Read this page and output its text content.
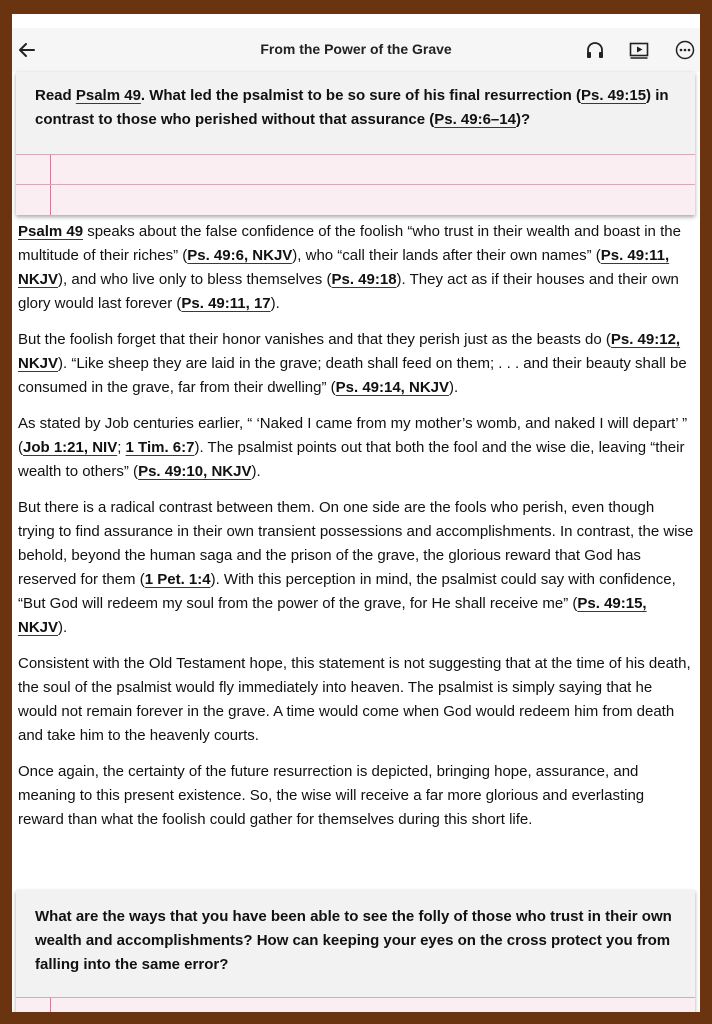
From the Power of the Grave
Read Psalm 49. What led the psalmist to be so sure of his final resurrection (Ps. 49:15) in contrast to those who perished without that assurance (Ps. 49:6–14)?

Psalm 49 speaks about the false confidence of the foolish “who trust in their wealth and boast in the multitude of their riches” (Ps. 49:6, NKJV), who “call their lands after their own names” (Ps. 49:11, NKJV), and who live only to bless themselves (Ps. 49:18). They act as if their houses and their own glory would last forever (Ps. 49:11, 17).

But the foolish forget that their honor vanishes and that they perish just as the beasts do (Ps. 49:12, NKJV). “Like sheep they are laid in the grave; death shall feed on them; . . . and their beauty shall be consumed in the grave, far from their dwelling” (Ps. 49:14, NKJV).

As stated by Job centuries earlier, “ ‘Naked I came from my mother’s womb, and naked I will depart’ ” (Job 1:21, NIV; 1 Tim. 6:7). The psalmist points out that both the fool and the wise die, leaving “their wealth to others” (Ps. 49:10, NKJV).

But there is a radical contrast between them. On one side are the fools who perish, even though trying to find assurance in their own transient possessions and accomplishments. In contrast, the wise behold, beyond the human saga and the prison of the grave, the glorious reward that God has reserved for them (1 Pet. 1:4). With this perception in mind, the psalmist could say with confidence, “But God will redeem my soul from the power of the grave, for He shall receive me” (Ps. 49:15, NKJV).

Consistent with the Old Testament hope, this statement is not suggesting that at the time of his death, the soul of the psalmist would fly immediately into heaven. The psalmist is simply saying that he would not remain forever in the grave. A time would come when God would redeem him from death and take him to the heavenly courts.

Once again, the certainty of the future resurrection is depicted, bringing hope, assurance, and meaning to this present existence. So, the wise will receive a far more glorious and everlasting reward than what the foolish could gather for themselves during this short life.

What are the ways that you have been able to see the folly of those who trust in their own wealth and accomplishments? How can keeping your eyes on the cross protect you from falling into the same error?
